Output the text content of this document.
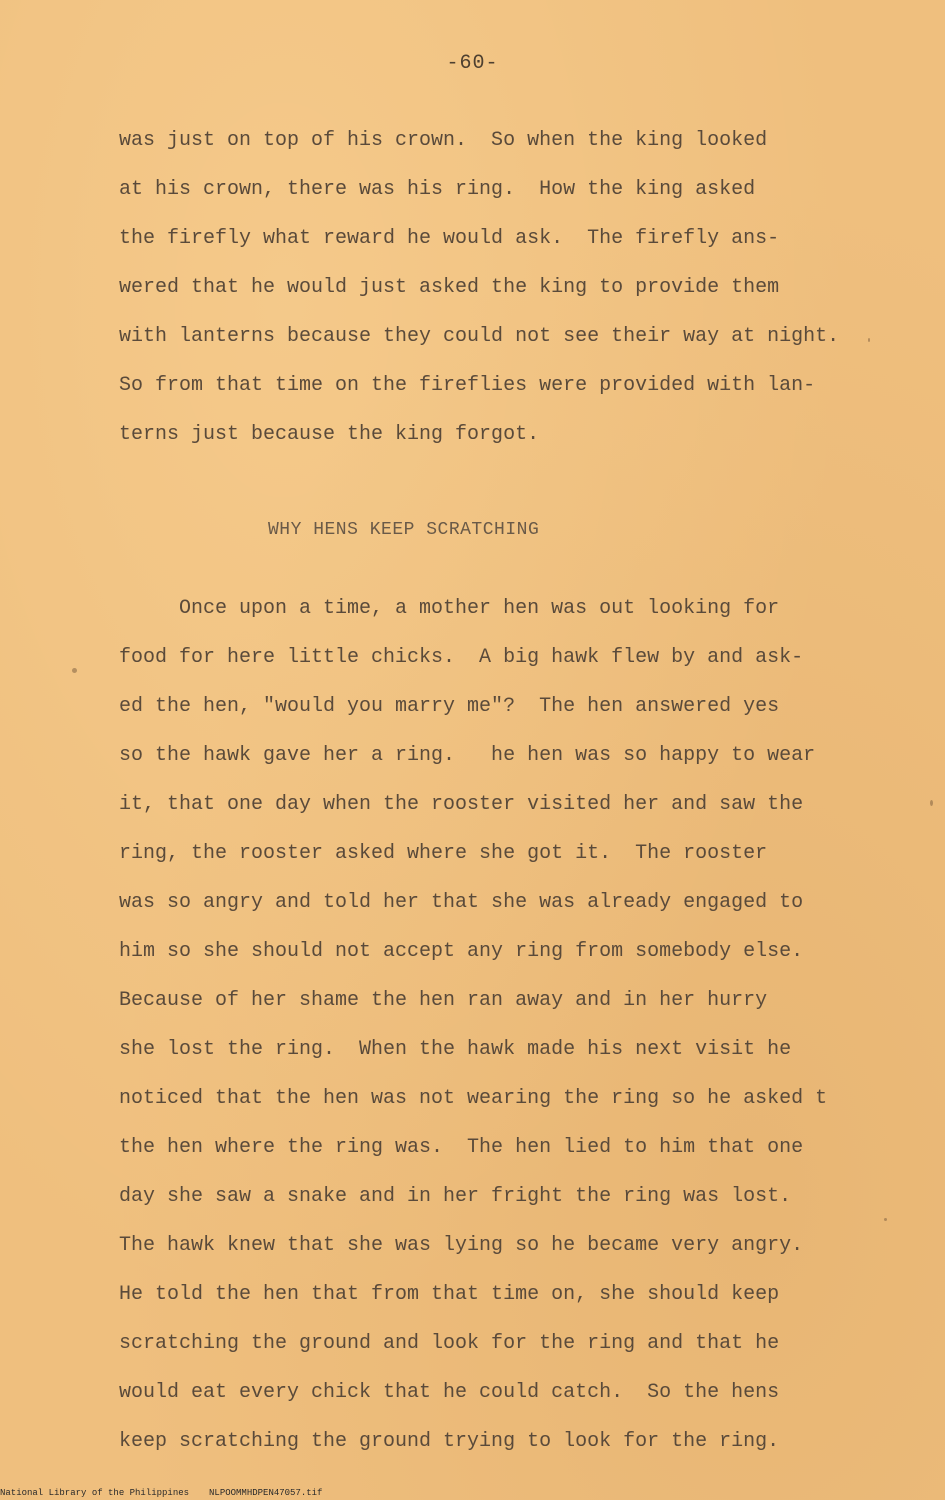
-60-
was just on top of his crown.  So when the king looked
at his crown, there was his ring.  How the king asked
the firefly what reward he would ask.  The firefly ans-
wered that he would just asked the king to provide them
with lanterns because they could not see their way at night.
So from that time on the fireflies were provided with lan-
terns just because the king forgot.
WHY HENS KEEP SCRATCHING
Once upon a time, a mother hen was out looking for
food for here little chicks.  A big hawk flew by and ask-
ed the hen, "would you marry me"?  The hen answered yes
so the hawk gave her a ring.   he hen was so happy to wear
it, that one day when the rooster visited her and saw the
ring, the rooster asked where she got it.  The rooster
was so angry and told her that she was already engaged to
him so she should not accept any ring from somebody else.
Because of her shame the hen ran away and in her hurry
she lost the ring.  When the hawk made his next visit he
noticed that the hen was not wearing the ring so he asked t
the hen where the ring was.  The hen lied to him that one
day she saw a snake and in her fright the ring was lost.
The hawk knew that she was lying so he became very angry.
He told the hen that from that time on, she should keep
scratching the ground and look for the ring and that he
would eat every chick that he could catch.  So the hens
keep scratching the ground trying to look for the ring.
National Library of the Philippines NLPOOMMHDPEN47057.tif
